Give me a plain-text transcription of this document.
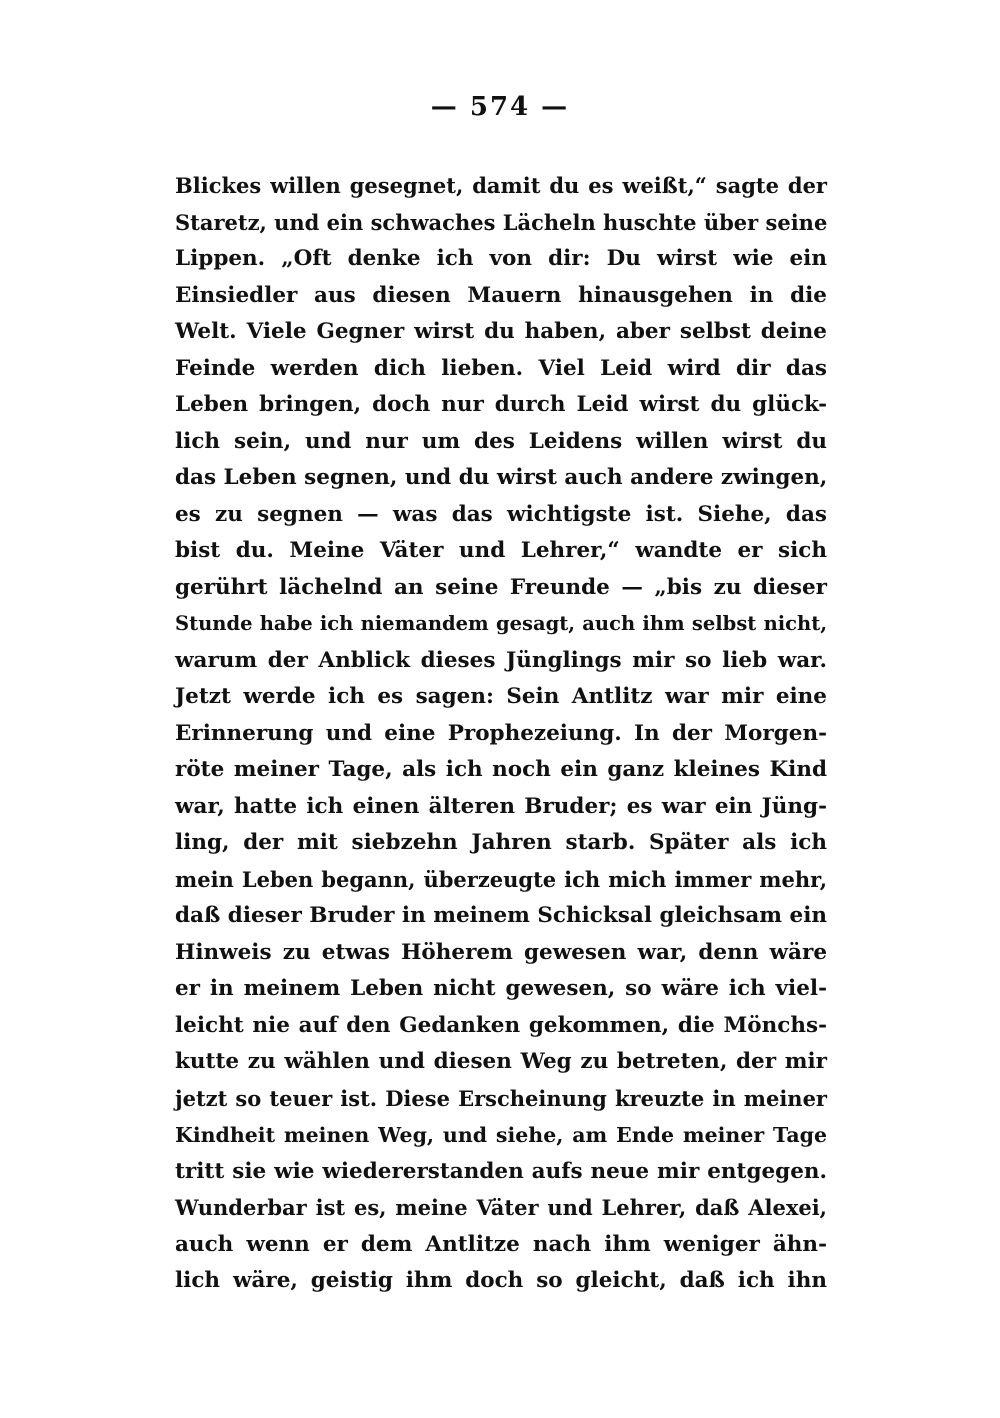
— 574 —
Blickes willen gesegnet, damit du es weißt,“ sagte der
Staretz, und ein schwaches Lächeln huschte über seine
Lippen. „Oft denke ich von dir: Du wirst wie ein
Einsiedler aus diesen Mauern hinausgehen in die
Welt. Viele Gegner wirst du haben, aber selbst deine
Feinde werden dich lieben. Viel Leid wird dir das
Leben bringen, doch nur durch Leid wirst du glück-
lich sein, und nur um des Leidens willen wirst du
das Leben segnen, und du wirst auch andere zwingen,
es zu segnen — was das wichtigste ist. Siehe, das
bist du. Meine Väter und Lehrer,“ wandte er sich
gerührt lächelnd an seine Freunde — „bis zu dieser
Stunde habe ich niemandem gesagt, auch ihm selbst nicht,
warum der Anblick dieses Jünglings mir so lieb war.
Jetzt werde ich es sagen: Sein Antlitz war mir eine
Erinnerung und eine Prophezeiung. In der Morgen-
röte meiner Tage, als ich noch ein ganz kleines Kind
war, hatte ich einen älteren Bruder; es war ein Jüng-
ling, der mit siebzehn Jahren starb. Später als ich
mein Leben begann, überzeugte ich mich immer mehr,
daß dieser Bruder in meinem Schicksal gleichsam ein
Hinweis zu etwas Höherem gewesen war, denn wäre
er in meinem Leben nicht gewesen, so wäre ich viel-
leicht nie auf den Gedanken gekommen, die Mönchs-
kutte zu wählen und diesen Weg zu betreten, der mir
jetzt so teuer ist. Diese Erscheinung kreuzte in meiner
Kindheit meinen Weg, und siehe, am Ende meiner Tage
tritt sie wie wiedererstanden aufs neue mir entgegen.
Wunderbar ist es, meine Väter und Lehrer, daß Alexei,
auch wenn er dem Antlitze nach ihm weniger ähn-
lich wäre, geistig ihm doch so gleicht, daß ich ihn
